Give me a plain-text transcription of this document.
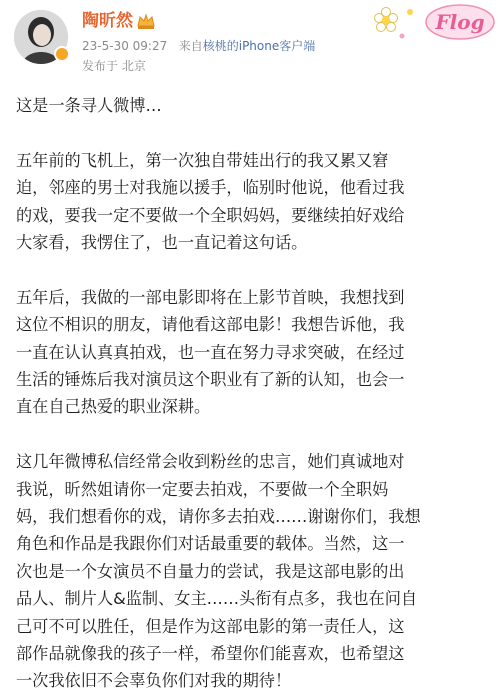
陶昕然
23-5-30 09:27 来自核桃的iPhone客户端
发布于 北京
Flog

这是一条寻人微博…

五年前的飞机上，第一次独自带娃出行的我又累又窘
迫，邻座的男士对我施以援手，临别时他说，他看过我
的戏，要我一定不要做一个全职妈妈，要继续拍好戏给
大家看，我愣住了，也一直记着这句话。

五年后，我做的一部电影即将在上影节首映，我想找到
这位不相识的朋友，请他看这部电影！我想告诉他，我
一直在认认真真拍戏，也一直在努力寻求突破，在经过
生活的锤炼后我对演员这个职业有了新的认知，也会一
直在自己热爱的职业深耕。

这几年微博私信经常会收到粉丝的忠言，她们真诚地对
我说，昕然姐请你一定要去拍戏，不要做一个全职妈
妈，我们想看你的戏，请你多去拍戏……谢谢你们，我想
角色和作品是我跟你们对话最重要的载体。当然，这一
次也是一个女演员不自量力的尝试，我是这部电影的出
品人、制片人&监制、女主……头衔有点多，我也在问自
己可不可以胜任，但是作为这部电影的第一责任人，这
部作品就像我的孩子一样，希望你们能喜欢，也希望这
一次我依旧不会辜负你们对我的期待！
